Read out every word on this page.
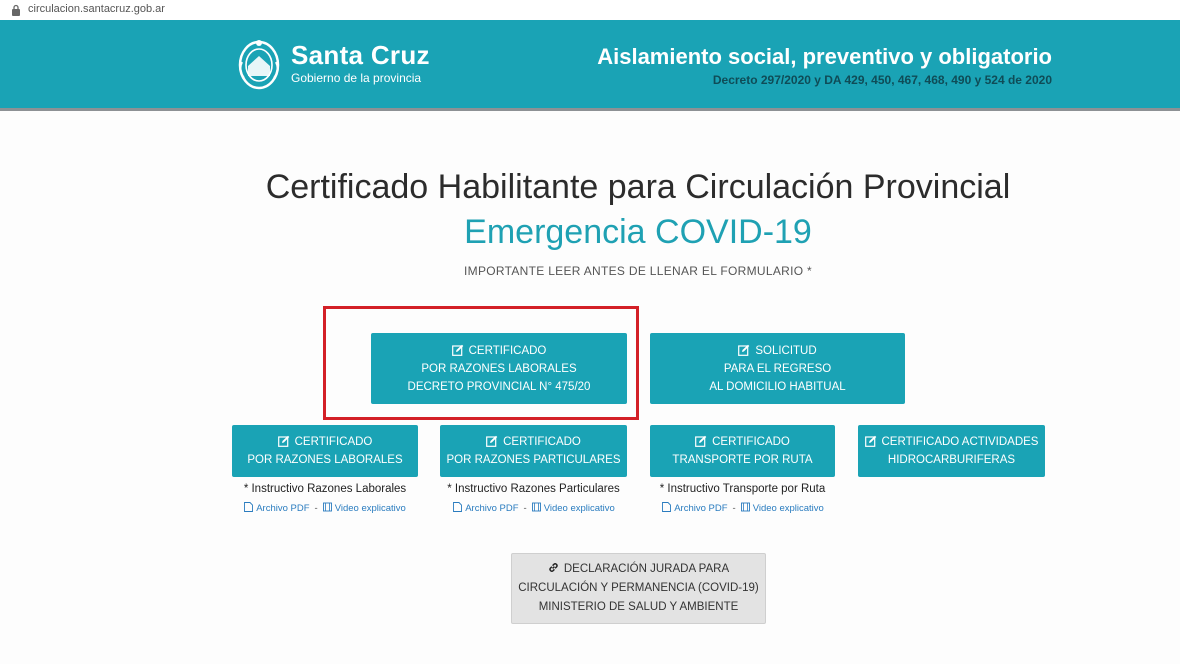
circulacion.santacruz.gob.ar
Santa Cruz
Gobierno de la provincia
Aislamiento social, preventivo y obligatorio
Decreto 297/2020 y DA 429, 450, 467, 468, 490 y 524 de 2020
Certificado Habilitante para Circulación Provincial
Emergencia COVID-19
IMPORTANTE LEER ANTES DE LLENAR EL FORMULARIO *
CERTIFICADO
POR RAZONES LABORALES
DECRETO PROVINCIAL N° 475/20
SOLICITUD
PARA EL REGRESO
AL DOMICILIO HABITUAL
CERTIFICADO
POR RAZONES LABORALES
CERTIFICADO
POR RAZONES PARTICULARES
CERTIFICADO
TRANSPORTE POR RUTA
CERTIFICADO ACTIVIDADES
HIDROCARBURIFERAS
* Instructivo Razones Laborales	* Instructivo Razones Particulares	* Instructivo Transporte por Ruta
Archivo PDF - Video explicativo	Archivo PDF - Video explicativo	Archivo PDF - Video explicativo
DECLARACIÓN JURADA PARA
CIRCULACIÓN Y PERMANENCIA (COVID-19)
MINISTERIO DE SALUD Y AMBIENTE
